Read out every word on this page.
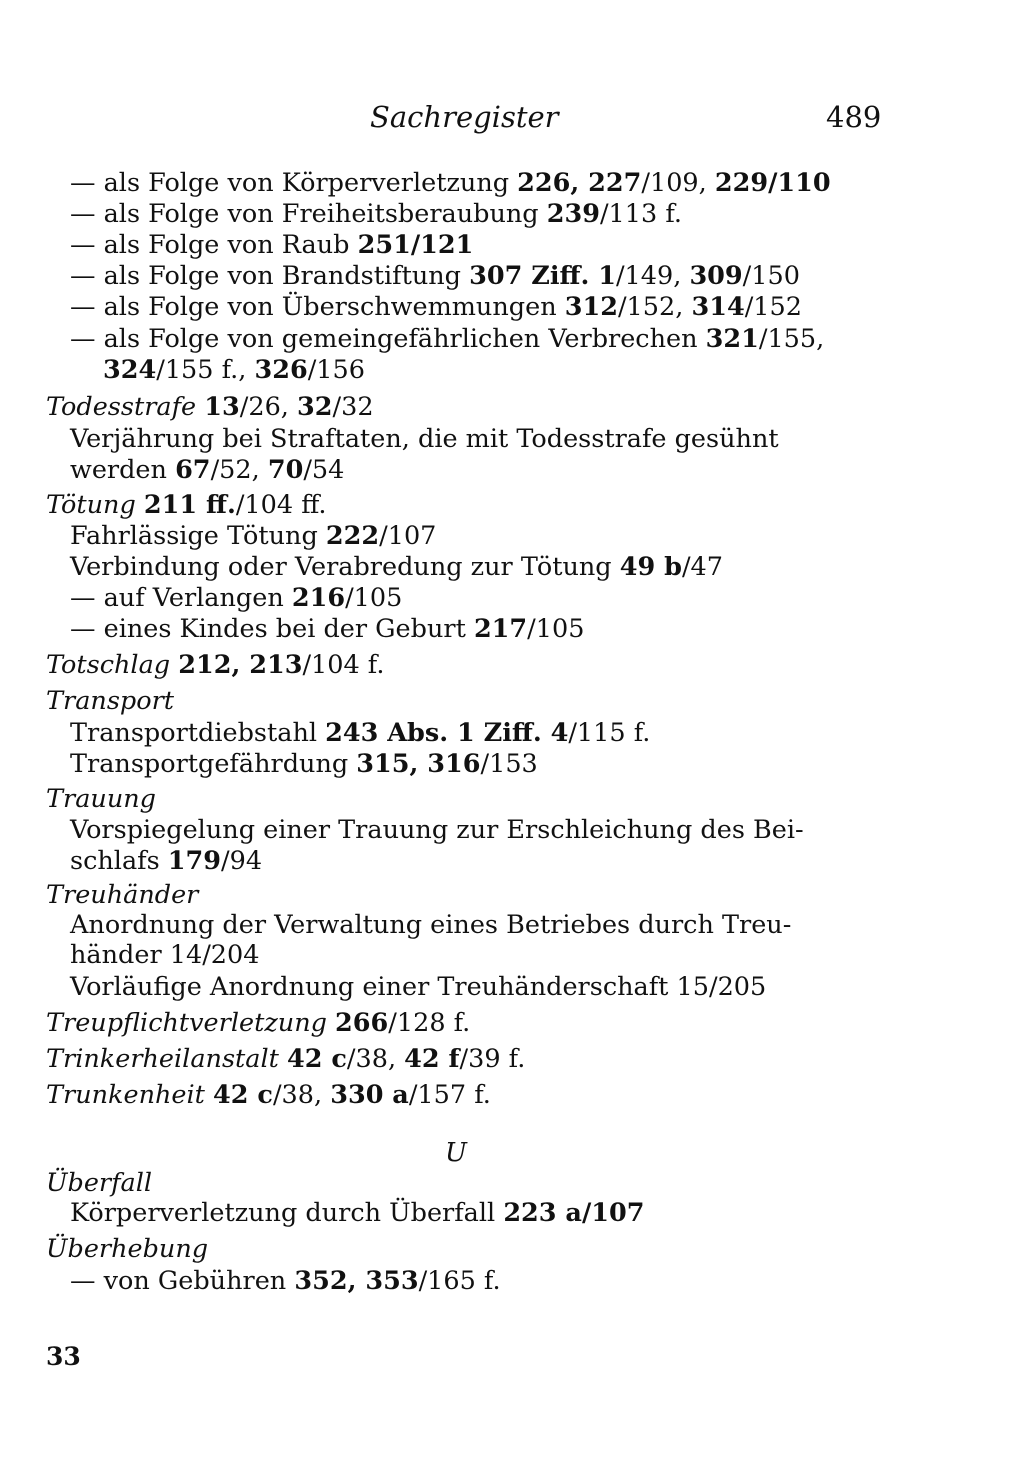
Sachregister	489
— als Folge von Körperverletzung 226, 227/109, 229/110
— als Folge von Freiheitsberaubung 239/113 f.
— als Folge von Raub 251/121
— als Folge von Brandstiftung 307 Ziff. 1/149, 309/150
— als Folge von Überschwemmungen 312/152, 314/152
— als Folge von gemeingefährlichen Verbrechen 321/155,
324/155 f., 326/156
Todesstrafe 13/26, 32/32
Verjährung bei Straftaten, die mit Todesstrafe gesühnt
werden 67/52, 70/54
Tötung 211 ff./104 ff.
Fahrlässige Tötung 222/107
Verbindung oder Verabredung zur Tötung 49 b/47
— auf Verlangen 216/105
— eines Kindes bei der Geburt 217/105
Totschlag 212, 213/104 f.
Transport
Transportdiebstahl 243 Abs. 1 Ziff. 4/115 f.
Transportgefährdung 315, 316/153
Trauung
Vorspiegelung einer Trauung zur Erschleichung des Bei-
schlafs 179/94
Treuhänder
Anordnung der Verwaltung eines Betriebes durch Treu-
händer 14/204
Vorläufige Anordnung einer Treuhänderschaft 15/205
Treupflichtverletzung 266/128 f.
Trinkerheilanstalt 42 c/38, 42 f/39 f.
Trunkenheit 42 c/38, 330 a/157 f.
U
Überfall
Körperverletzung durch Überfall 223 a/107
Überhebung
— von Gebühren 352, 353/165 f.
33
